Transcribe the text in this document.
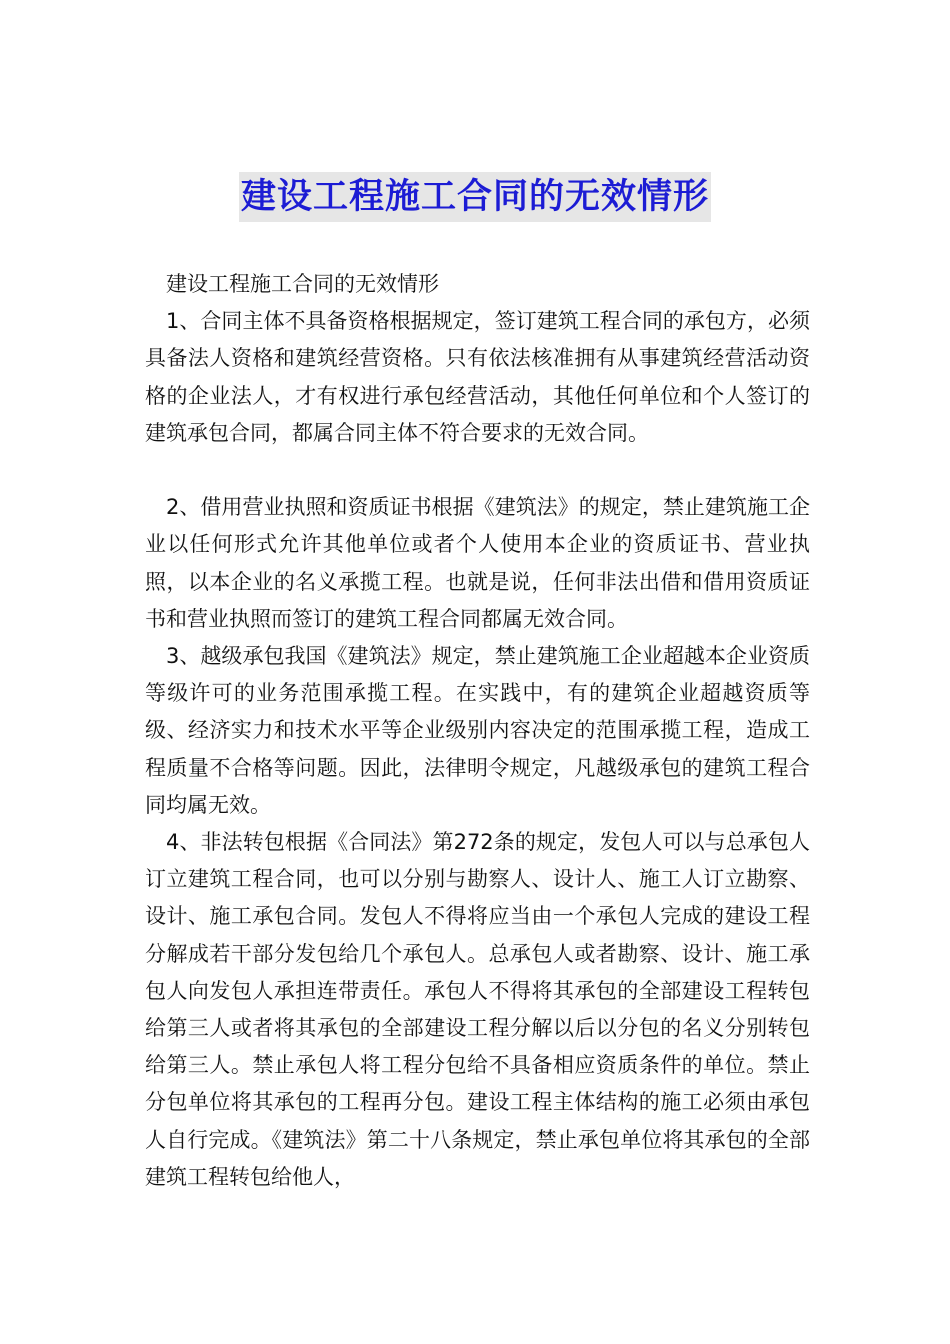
建设工程施工合同的无效情形

建设工程施工合同的无效情形

1、合同主体不具备资格根据规定，签订建筑工程合同的承包方，必须具备法人资格和建筑经营资格。只有依法核准拥有从事建筑经营活动资格的企业法人，才有权进行承包经营活动，其他任何单位和个人签订的建筑承包合同，都属合同主体不符合要求的无效合同。

2、借用营业执照和资质证书根据《建筑法》的规定，禁止建筑施工企业以任何形式允许其他单位或者个人使用本企业的资质证书、营业执照，以本企业的名义承揽工程。也就是说，任何非法出借和借用资质证书和营业执照而签订的建筑工程合同都属无效合同。

3、越级承包我国《建筑法》规定，禁止建筑施工企业超越本企业资质等级许可的业务范围承揽工程。在实践中，有的建筑企业超越资质等级、经济实力和技术水平等企业级别内容决定的范围承揽工程，造成工程质量不合格等问题。因此，法律明令规定，凡越级承包的建筑工程合同均属无效。

4、非法转包根据《合同法》第272条的规定，发包人可以与总承包人订立建筑工程合同，也可以分别与勘察人、设计人、施工人订立勘察、设计、施工承包合同。发包人不得将应当由一个承包人完成的建设工程分解成若干部分发包给几个承包人。总承包人或者勘察、设计、施工承包人向发包人承担连带责任。承包人不得将其承包的全部建设工程转包给第三人或者将其承包的全部建设工程分解以后以分包的名义分别转包给第三人。禁止承包人将工程分包给不具备相应资质条件的单位。禁止分包单位将其承包的工程再分包。建设工程主体结构的施工必须由承包人自行完成。《建筑法》第二十八条规定，禁止承包单位将其承包的全部建筑工程转包给他人，
